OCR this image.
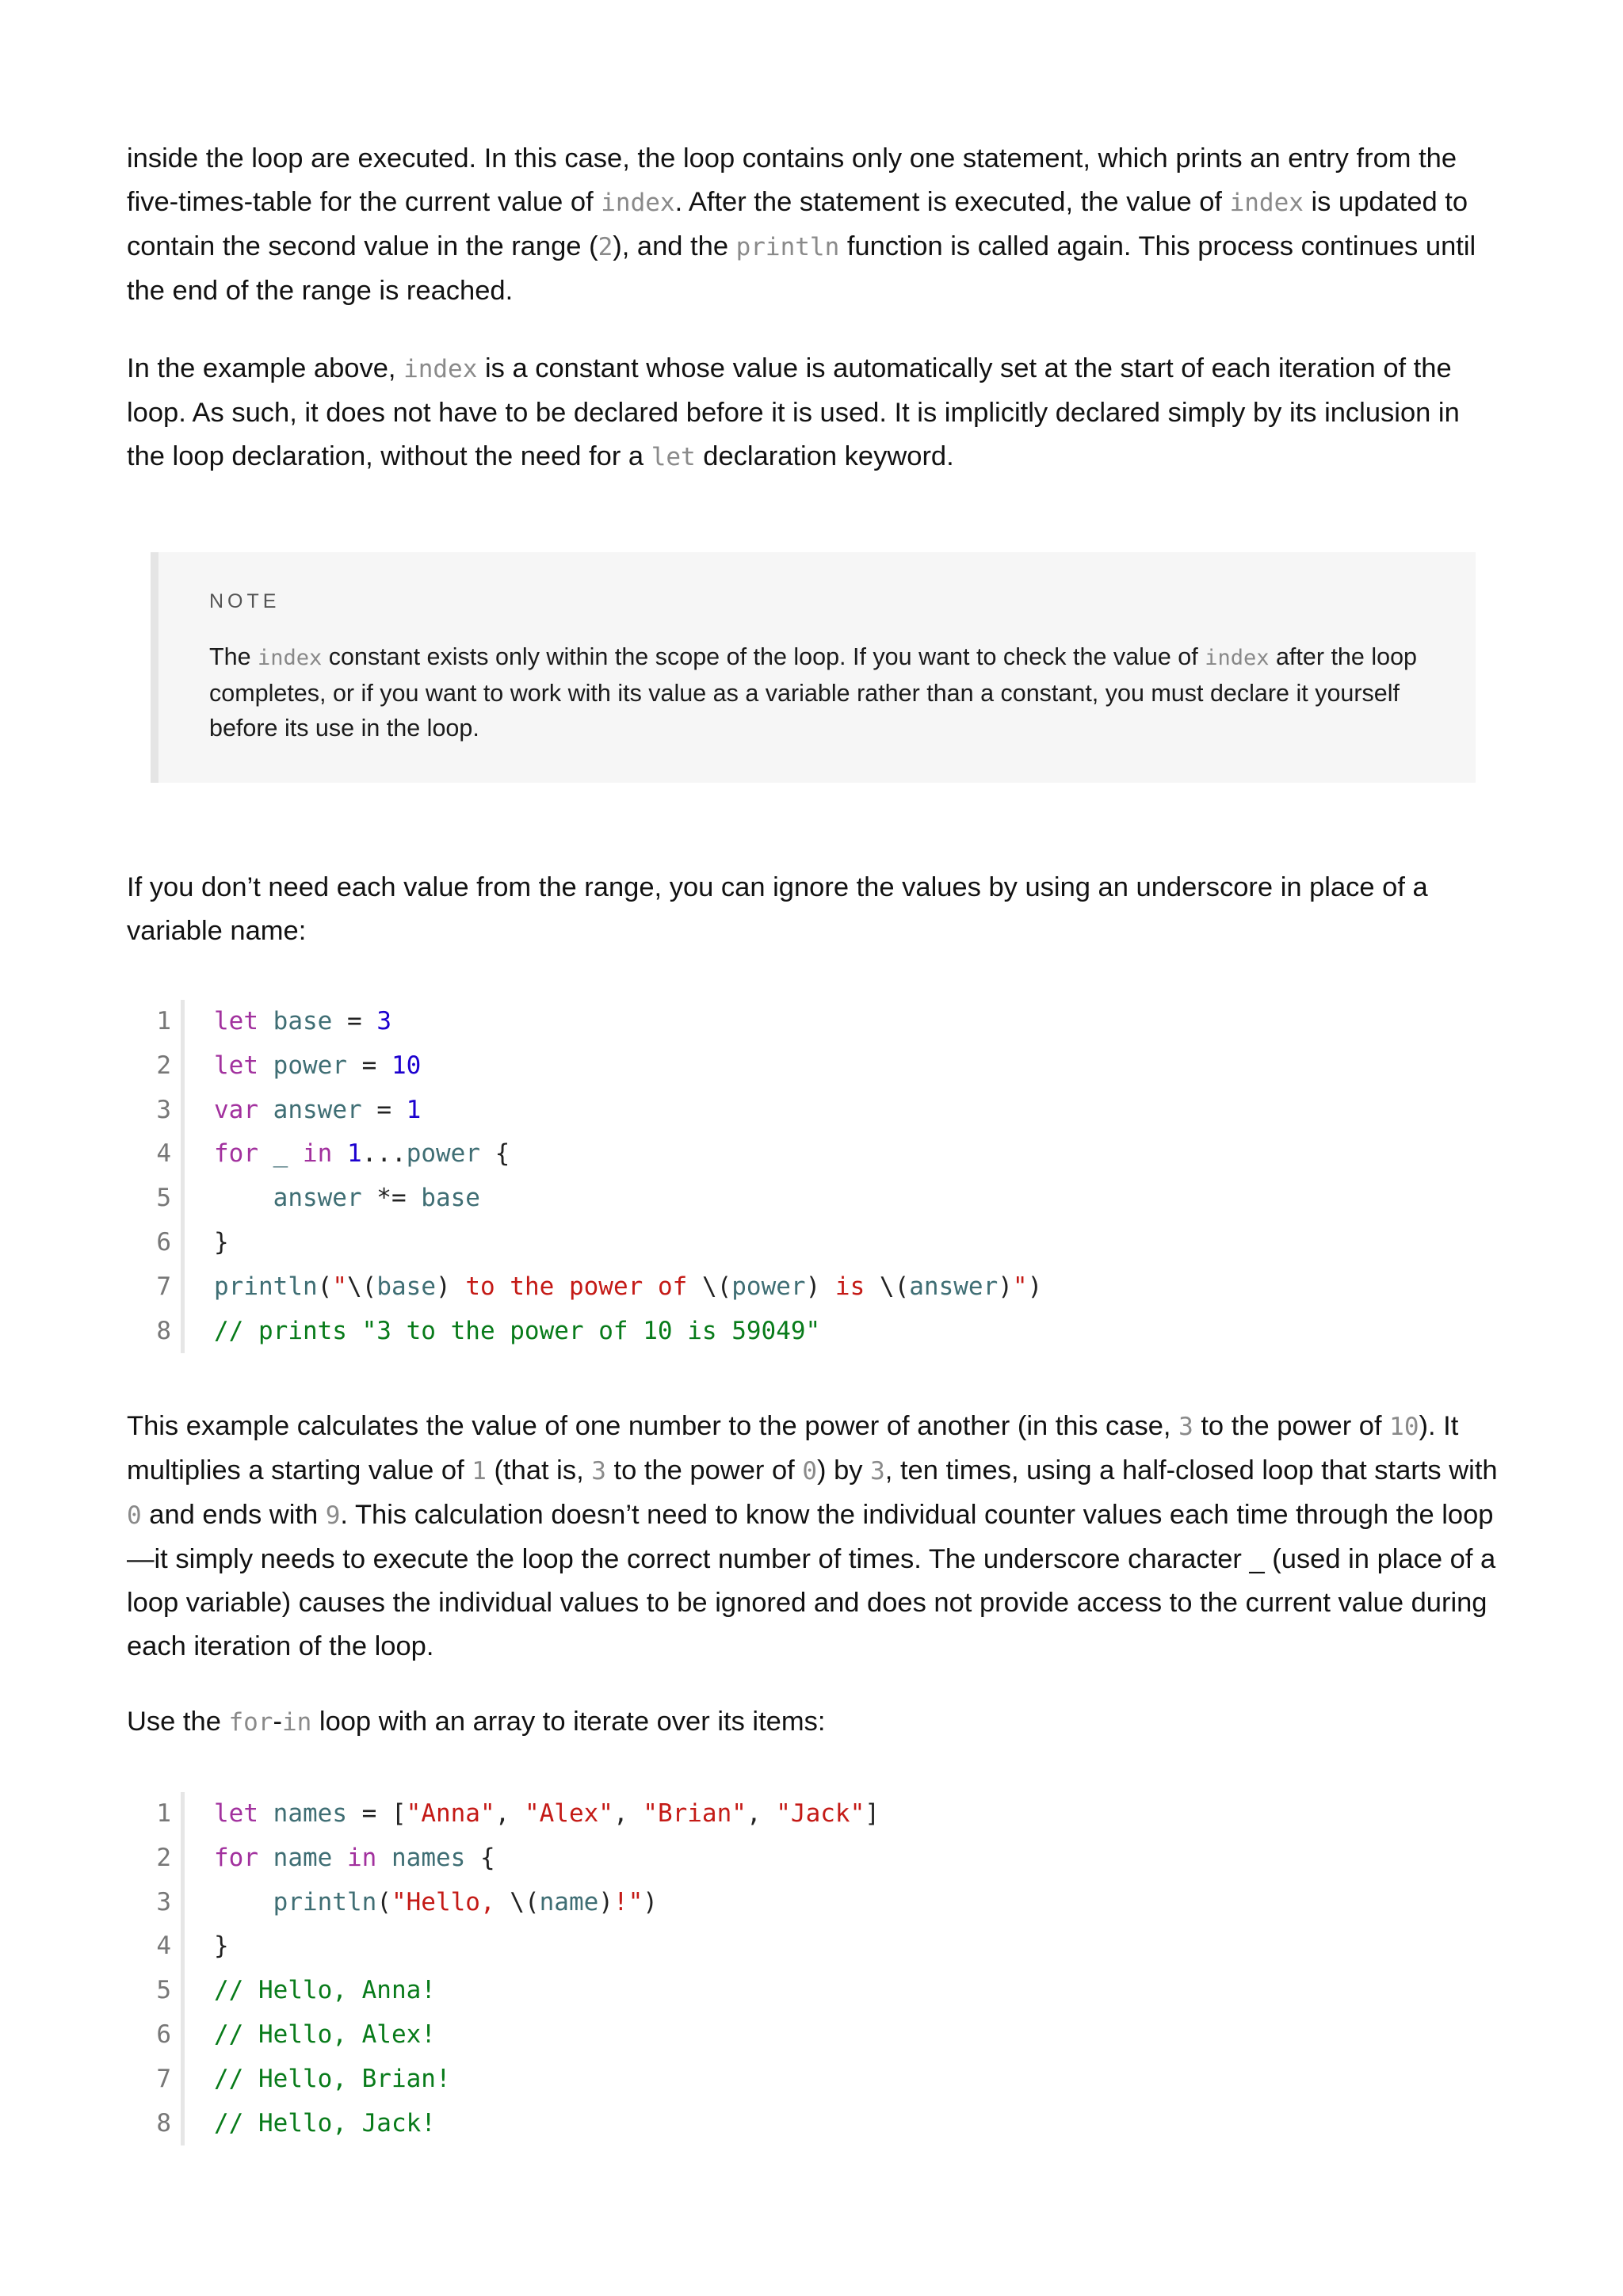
inside the loop are executed. In this case, the loop contains only one statement, which prints an entry from the five-times-table for the current value of index. After the statement is executed, the value of index is updated to contain the second value in the range (2), and the println function is called again. This process continues until the end of the range is reached.

In the example above, index is a constant whose value is automatically set at the start of each iteration of the loop. As such, it does not have to be declared before it is used. It is implicitly declared simply by its inclusion in the loop declaration, without the need for a let declaration keyword.

NOTE

The index constant exists only within the scope of the loop. If you want to check the value of index after the loop completes, or if you want to work with its value as a variable rather than a constant, you must declare it yourself before its use in the loop.

If you don’t need each value from the range, you can ignore the values by using an underscore in place of a variable name:

1 let base = 3
2 let power = 10
3 var answer = 1
4 for _ in 1...power {
5	answer *= base
6 }
7 println("\(base) to the power of \(power) is \(answer)")
8 // prints "3 to the power of 10 is 59049"

This example calculates the value of one number to the power of another (in this case, 3 to the power of 10). It multiplies a starting value of 1 (that is, 3 to the power of 0) by 3, ten times, using a half-closed loop that starts with 0 and ends with 9. This calculation doesn’t need to know the individual counter values each time through the loop—it simply needs to execute the loop the correct number of times. The underscore character _ (used in place of a loop variable) causes the individual values to be ignored and does not provide access to the current value during each iteration of the loop.

Use the for-in loop with an array to iterate over its items:

1 let names = ["Anna", "Alex", "Brian", "Jack"]
2 for name in names {
3	println("Hello, \(name)!")
4 }
5 // Hello, Anna!
6 // Hello, Alex!
7 // Hello, Brian!
8 // Hello, Jack!
